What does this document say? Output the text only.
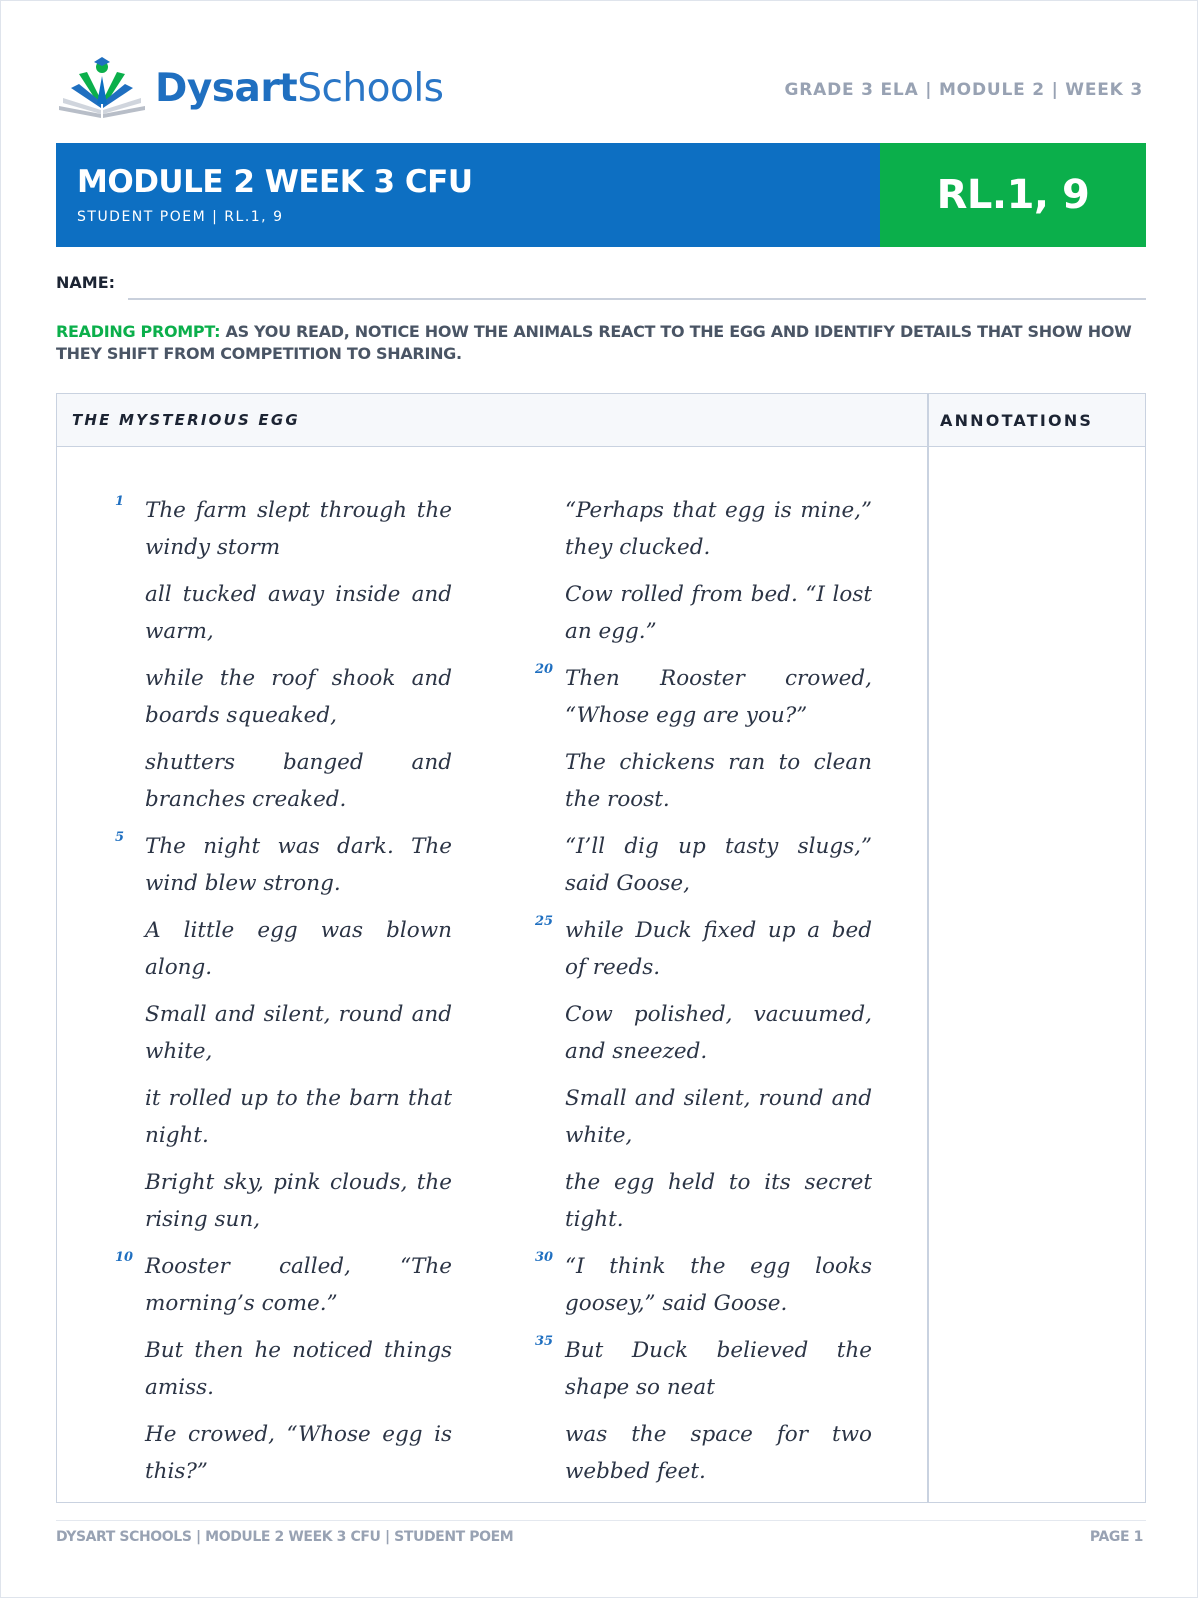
DysartSchools	GRADE 3 ELA | MODULE 2 | WEEK 3
MODULE 2 WEEK 3 CFU
STUDENT POEM | RL.1, 9	RL.1, 9
NAME:
READING PROMPT: AS YOU READ, NOTICE HOW THE ANIMALS REACT TO THE EGG AND IDENTIFY DETAILS THAT SHOW HOW THEY SHIFT FROM COMPETITION TO SHARING.
THE MYSTERIOUS EGG	ANNOTATIONS
1 The farm slept through the windy storm
all tucked away inside and warm,
while the roof shook and boards squeaked,
shutters banged and branches creaked.
5 The night was dark. The wind blew strong.
A little egg was blown along.
Small and silent, round and white,
it rolled up to the barn that night.
Bright sky, pink clouds, the rising sun,
10 Rooster called, “The morning’s come.”
But then he noticed things amiss.
He crowed, “Whose egg is this?”
“Perhaps that egg is mine,” they clucked.
Cow rolled from bed. “I lost an egg.”
20 Then Rooster crowed, “Whose egg are you?”
The chickens ran to clean the roost.
“I’ll dig up tasty slugs,” said Goose,
25 while Duck fixed up a bed of reeds.
Cow polished, vacuumed, and sneezed.
Small and silent, round and white,
the egg held to its secret tight.
30 “I think the egg looks goosey,” said Goose.
35 But Duck believed the shape so neat
was the space for two webbed feet.
DYSART SCHOOLS | MODULE 2 WEEK 3 CFU | STUDENT POEM	PAGE 1
